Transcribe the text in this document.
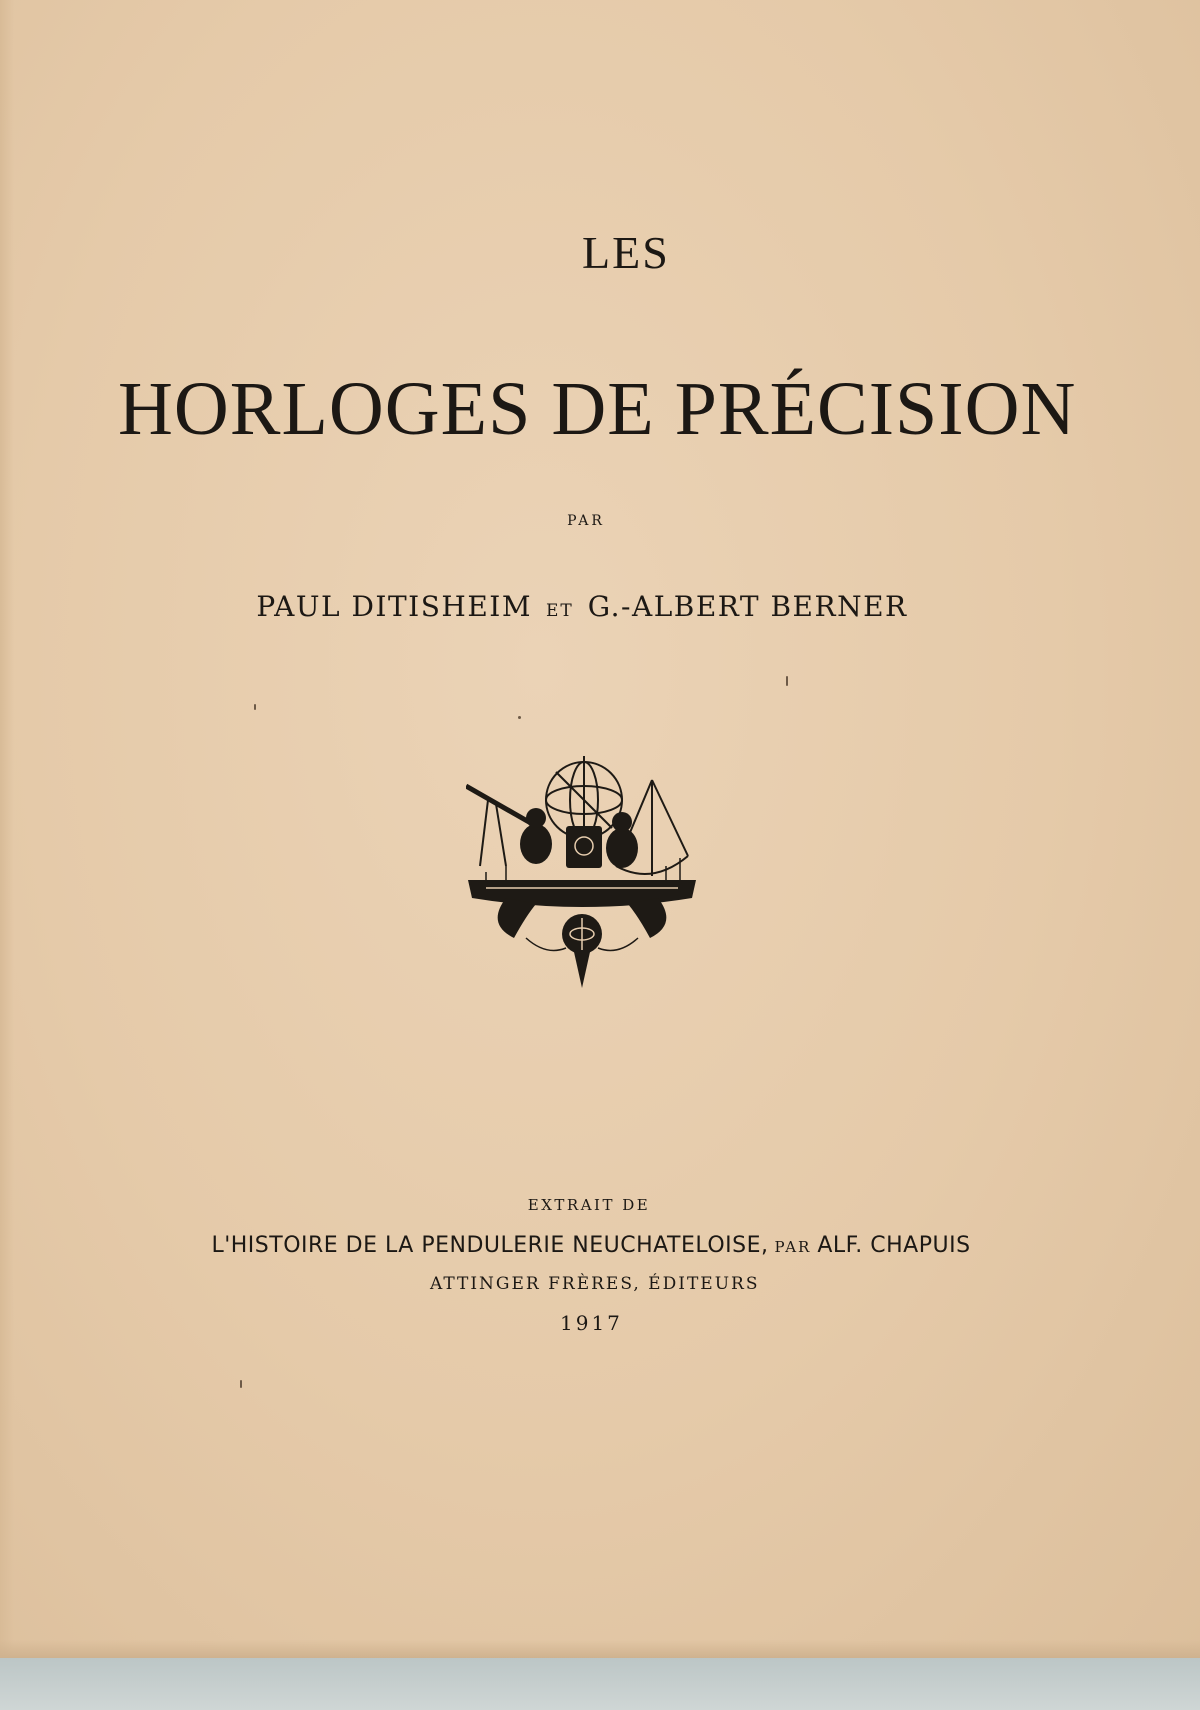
LES
HORLOGES DE PRÉCISION
PAR
PAUL DITISHEIM ET G.-ALBERT BERNER
EXTRAIT DE
L'HISTOIRE DE LA PENDULERIE NEUCHATELOISE, PAR ALF. CHAPUIS
ATTINGER FRÈRES, ÉDITEURS
1917
